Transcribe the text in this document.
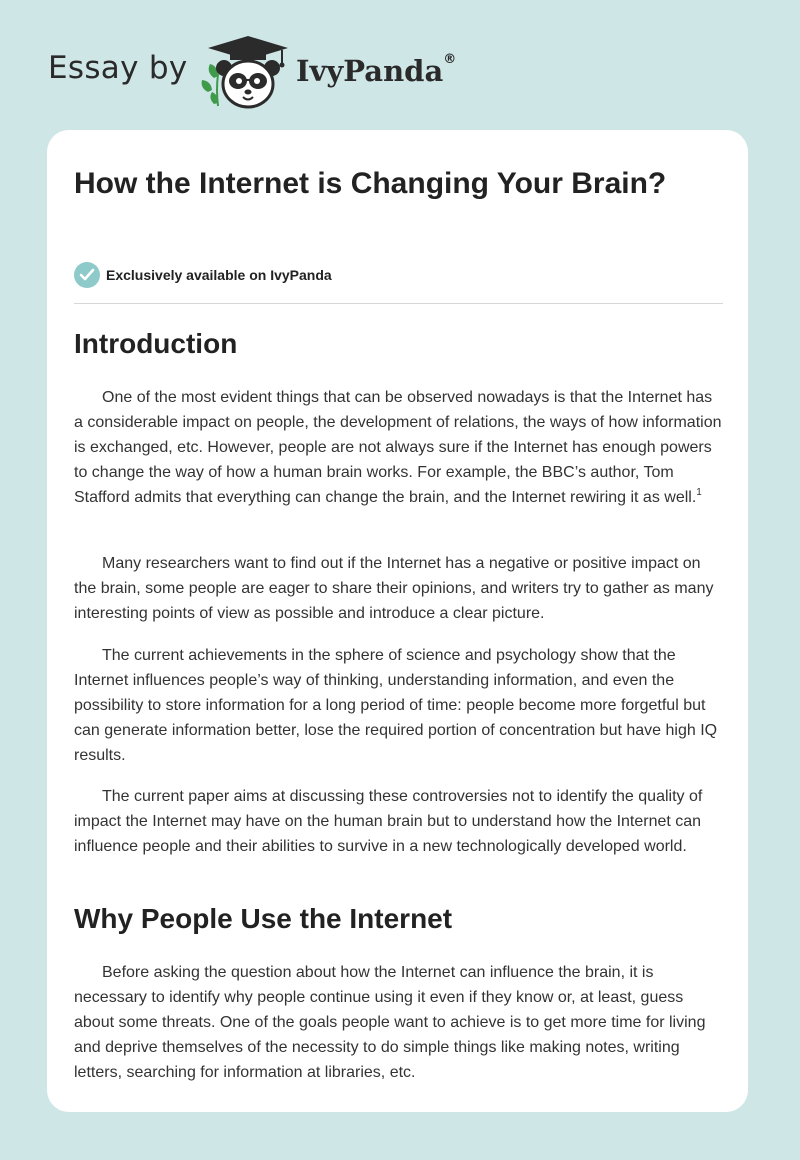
Essay by	IvyPanda®
How the Internet is Changing Your Brain?
Exclusively available on IvyPanda
Introduction

One of the most evident things that can be observed nowadays is that the Internet has a considerable impact on people, the development of relations, the ways of how information is exchanged, etc. However, people are not always sure if the Internet has enough powers to change the way of how a human brain works. For example, the BBC’s author, Tom Stafford admits that everything can change the brain, and the Internet rewiring it as well.$^1$

Many researchers want to find out if the Internet has a negative or positive impact on the brain, some people are eager to share their opinions, and writers try to gather as many interesting points of view as possible and introduce a clear picture.

The current achievements in the sphere of science and psychology show that the Internet influences people’s way of thinking, understanding information, and even the possibility to store information for a long period of time: people become more forgetful but can generate information better, lose the required portion of concentration but have high IQ results.

The current paper aims at discussing these controversies not to identify the quality of impact the Internet may have on the human brain but to understand how the Internet can influence people and their abilities to survive in a new technologically developed world.

Why People Use the Internet

Before asking the question about how the Internet can influence the brain, it is necessary to identify why people continue using it even if they know or, at least, guess about some threats. One of the goals people want to achieve is to get more time for living and deprive themselves of the necessity to do simple things like making notes, writing letters, searching for information at libraries, etc.
